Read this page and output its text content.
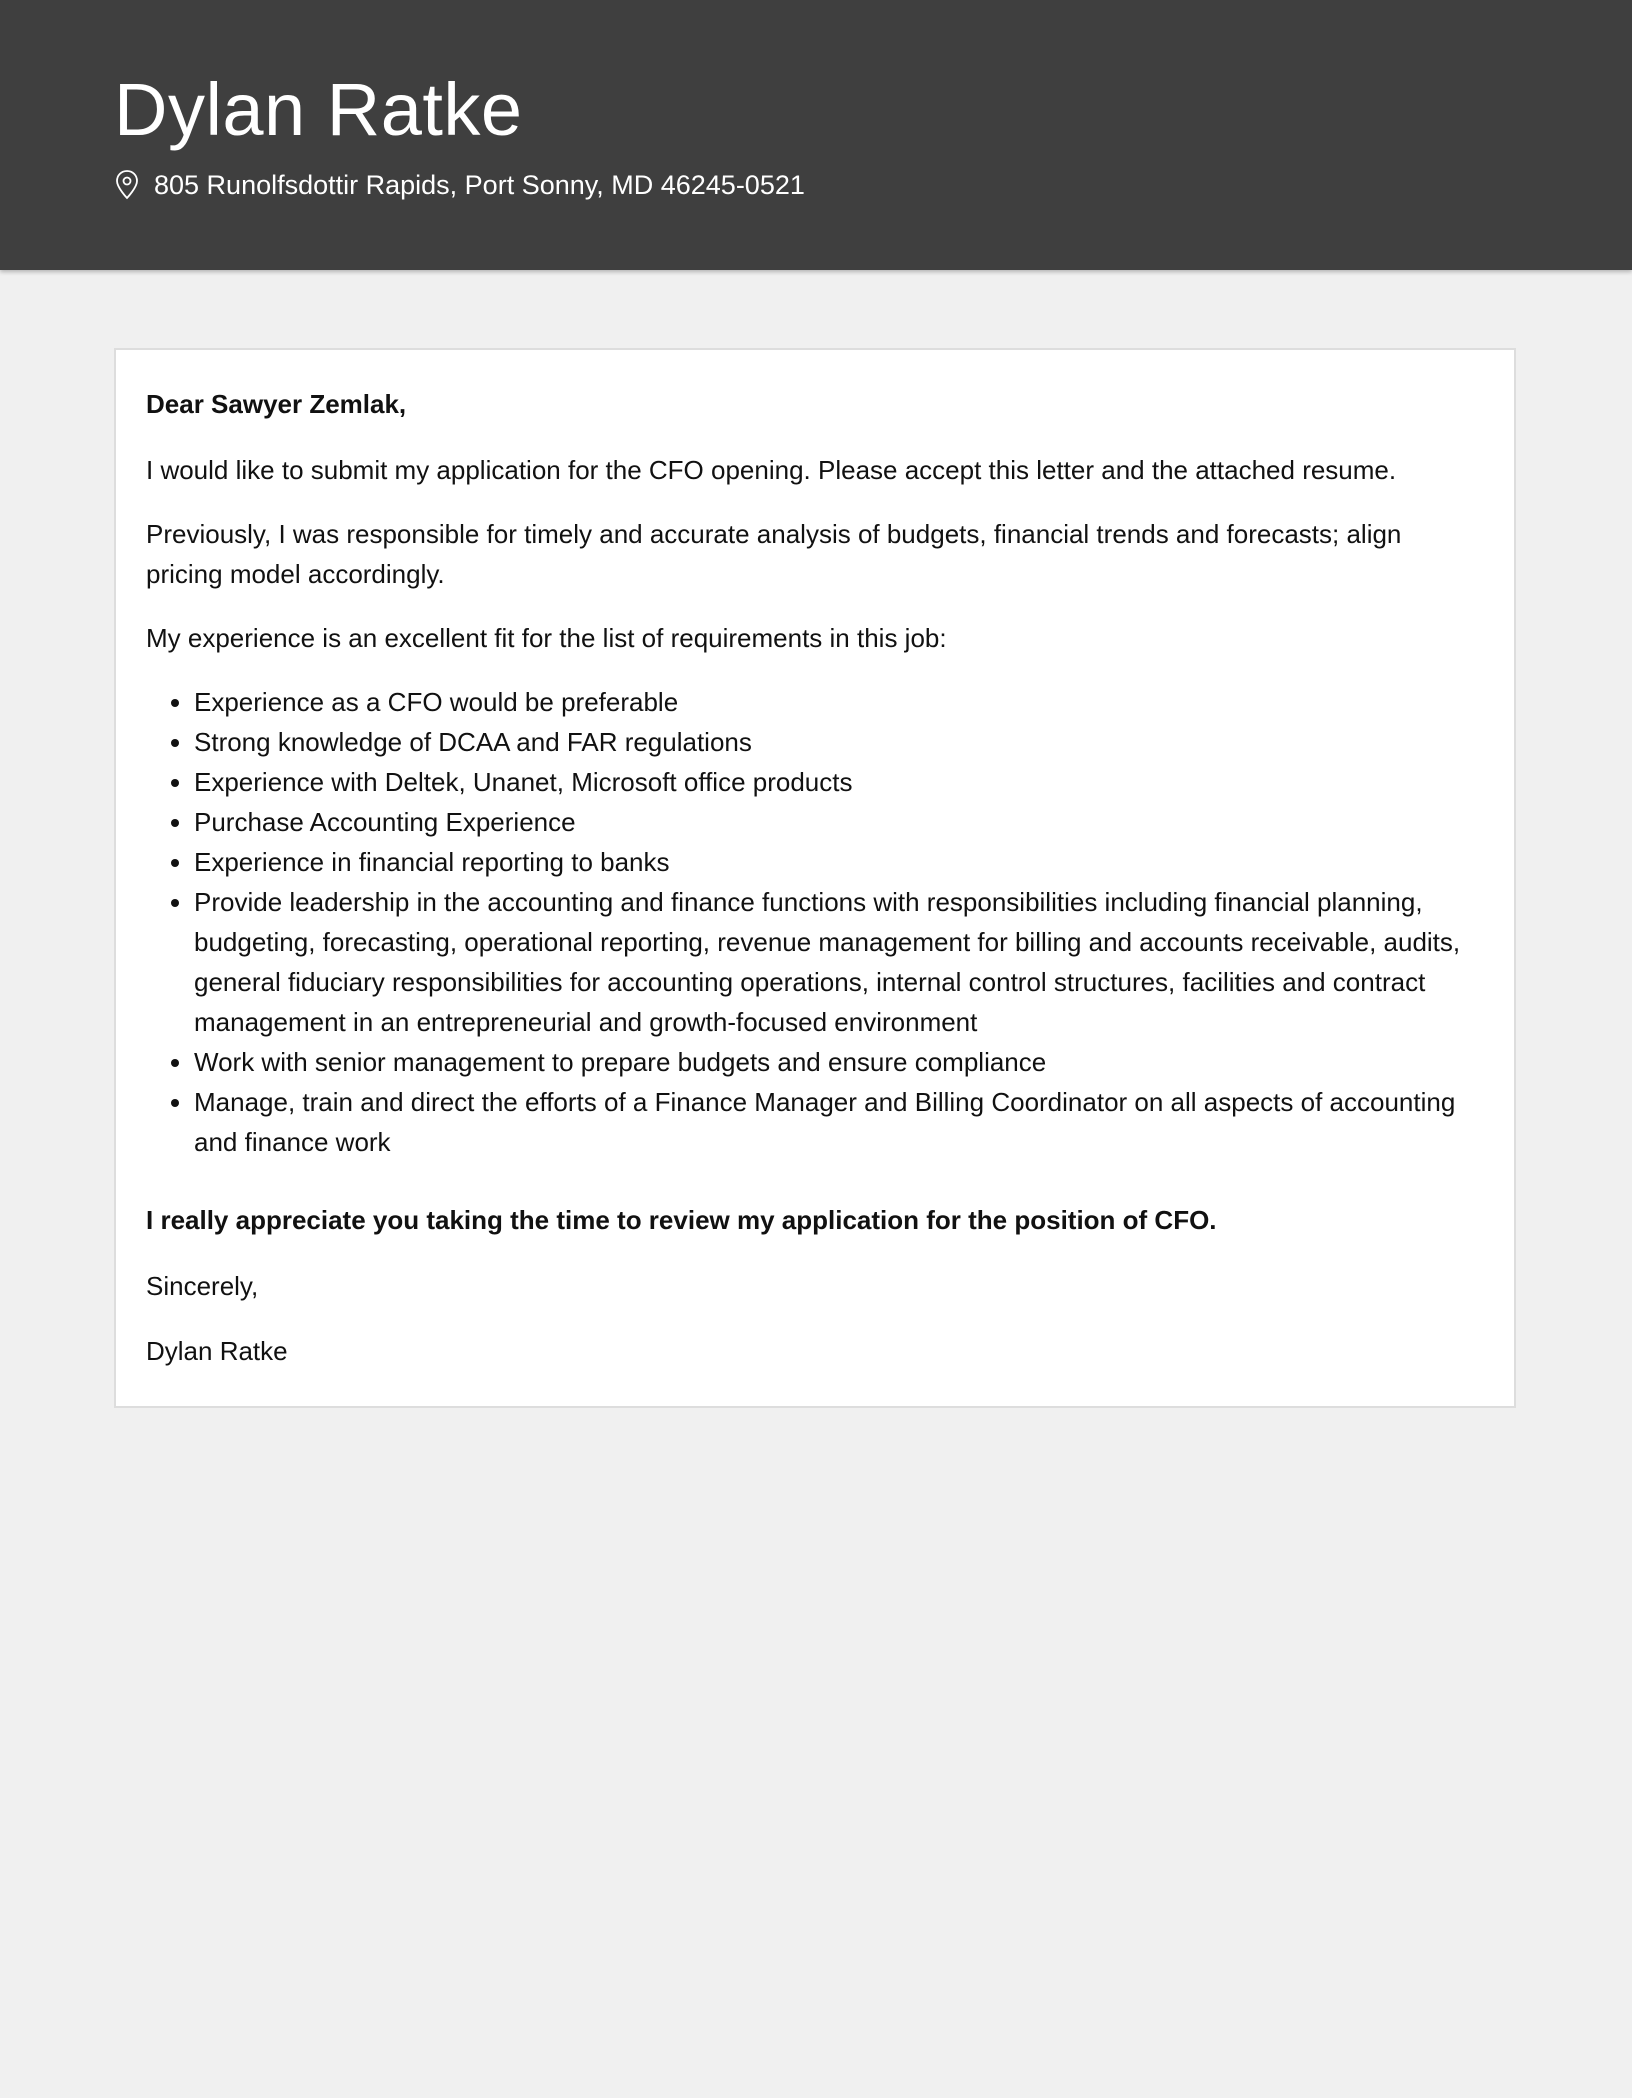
Dylan Ratke
805 Runolfsdottir Rapids, Port Sonny, MD 46245-0521

Dear Sawyer Zemlak,

I would like to submit my application for the CFO opening. Please accept this letter and the attached resume.

Previously, I was responsible for timely and accurate analysis of budgets, financial trends and forecasts; align pricing model accordingly.

My experience is an excellent fit for the list of requirements in this job:

• Experience as a CFO would be preferable
• Strong knowledge of DCAA and FAR regulations
• Experience with Deltek, Unanet, Microsoft office products
• Purchase Accounting Experience
• Experience in financial reporting to banks
• Provide leadership in the accounting and finance functions with responsibilities including financial planning, budgeting, forecasting, operational reporting, revenue management for billing and accounts receivable, audits, general fiduciary responsibilities for accounting operations, internal control structures, facilities and contract management in an entrepreneurial and growth-focused environment
• Work with senior management to prepare budgets and ensure compliance
• Manage, train and direct the efforts of a Finance Manager and Billing Coordinator on all aspects of accounting and finance work

I really appreciate you taking the time to review my application for the position of CFO.

Sincerely,

Dylan Ratke
